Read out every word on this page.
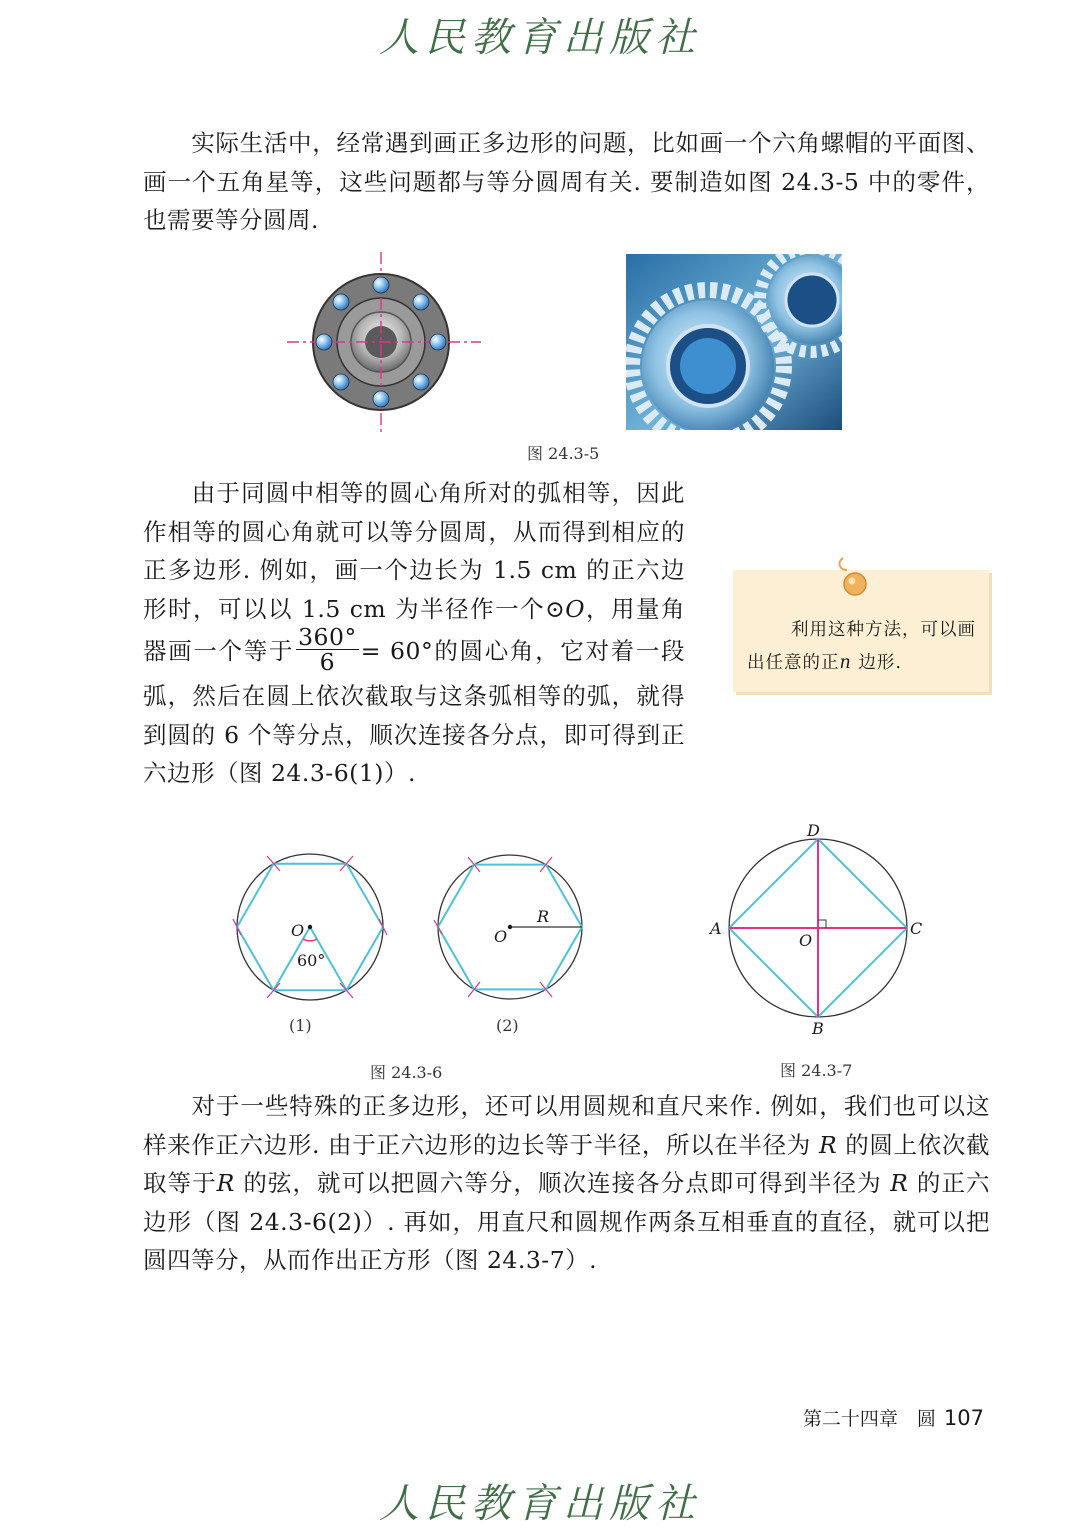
人民教育出版社

实际生活中，经常遇到画正多边形的问题，比如画一个六角螺帽的平面图、画一个五角星等，这些问题都与等分圆周有关. 要制造如图 24.3-5 中的零件，也需要等分圆周.

图 24.3-5

由于同圆中相等的圆心角所对的弧相等，因此作相等的圆心角就可以等分圆周，从而得到相应的正多边形. 例如，画一个边长为 1.5 cm 的正六边形时，可以以 1.5 cm 为半径作一个⊙O，用量角器画一个等于 $\frac{360^\circ}{6} = 60^\circ$的圆心角，它对着一段弧，然后在圆上依次截取与这条弧相等的弧，就得到圆的 6 个等分点，顺次连接各分点，即可得到正六边形（图 24.3-6(1)）.

利用这种方法，可以画出任意的正n 边形.
O
60°
(1)
O
R
(2)
图 24.3-6
D
A	C
B
O
图 24.3-7

对于一些特殊的正多边形，还可以用圆规和直尺来作. 例如，我们也可以这样来作正六边形. 由于正六边形的边长等于半径，所以在半径为 R 的圆上依次截取等于R 的弦，就可以把圆六等分，顺次连接各分点即可得到半径为 R 的正六边形（图 24.3-6(2)）. 再如，用直尺和圆规作两条互相垂直的直径，就可以把圆四等分，从而作出正方形（图 24.3-7）.

第二十四章　圆 107
人民教育出版社
